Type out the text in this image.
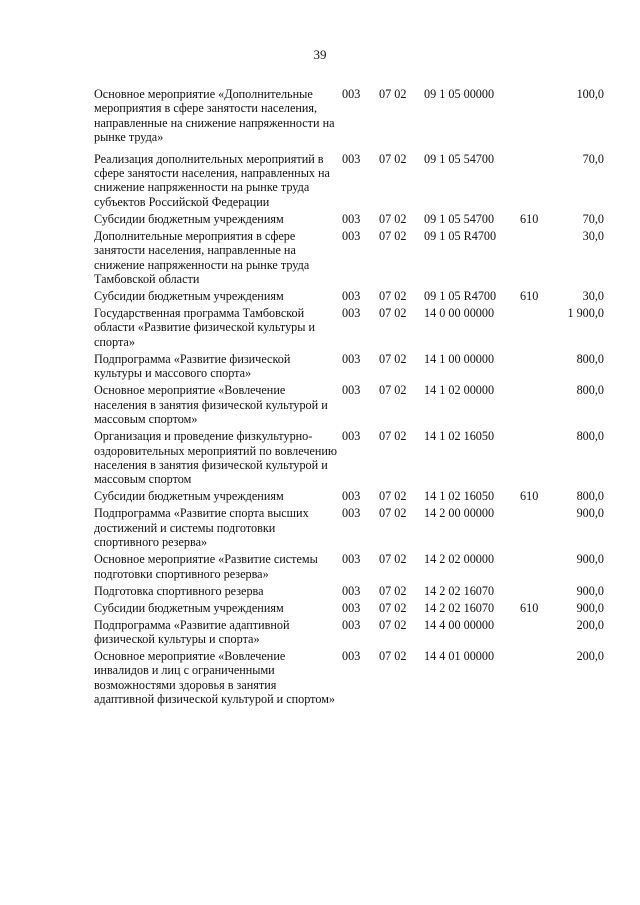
39
Основное мероприятие «Дополнительные мероприятия в сфере занятости населения, направленные на снижение напряженности на рынке труда»	003	07 02	09 1 05 00000		100,0
Реализация дополнительных мероприятий в сфере занятости населения, направленных на снижение напряженности на рынке труда субъектов Российской Федерации	003	07 02	09 1 05 54700		70,0
Субсидии бюджетным учреждениям	003	07 02	09 1 05 54700	610	70,0
Дополнительные мероприятия в сфере занятости населения, направленные на снижение напряженности на рынке труда Тамбовской области	003	07 02	09 1 05 R4700		30,0
Субсидии бюджетным учреждениям	003	07 02	09 1 05 R4700	610	30,0
Государственная программа Тамбовской области «Развитие физической культуры и спорта»	003	07 02	14 0 00 00000		1 900,0
Подпрограмма «Развитие физической культуры и массового спорта»	003	07 02	14 1 00 00000		800,0
Основное мероприятие «Вовлечение населения в занятия физической культурой и массовым спортом»	003	07 02	14 1 02 00000		800,0
Организация и проведение физкультурно-оздоровительных мероприятий по вовлечению населения в занятия физической культурой и массовым спортом	003	07 02	14 1 02 16050		800,0
Субсидии бюджетным учреждениям	003	07 02	14 1 02 16050	610	800,0
Подпрограмма «Развитие спорта высших достижений и системы подготовки спортивного резерва»	003	07 02	14 2 00 00000		900,0
Основное мероприятие «Развитие системы подготовки спортивного резерва»	003	07 02	14 2 02 00000		900,0
Подготовка спортивного резерва	003	07 02	14 2 02 16070		900,0
Субсидии бюджетным учреждениям	003	07 02	14 2 02 16070	610	900,0
Подпрограмма «Развитие адаптивной физической культуры и спорта»	003	07 02	14 4 00 00000		200,0
Основное мероприятие «Вовлечение инвалидов и лиц с ограниченными возможностями здоровья в занятия адаптивной физической культурой и спортом»	003	07 02	14 4 01 00000		200,0
